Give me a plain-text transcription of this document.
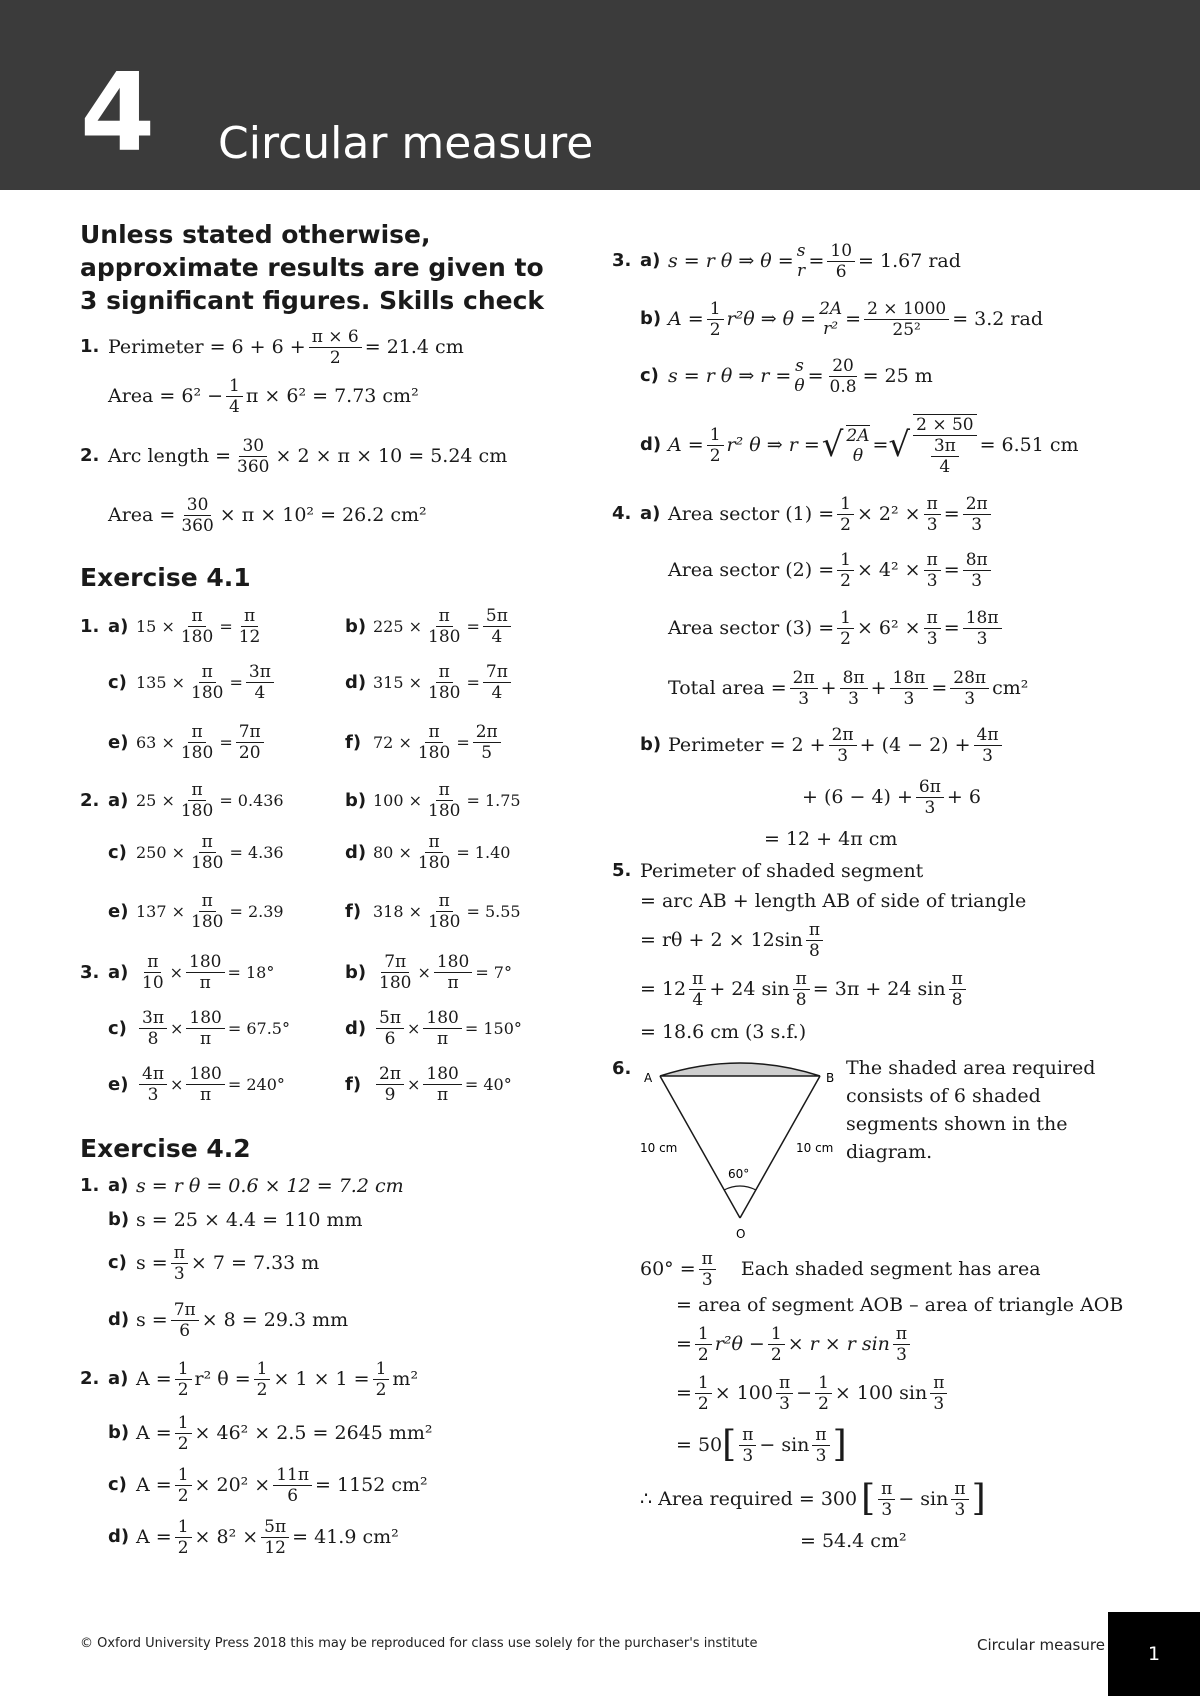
4 Circular measure
Unless stated otherwise,
approximate results are given to
3 significant figures. Skills check
1. Perimeter = $6 + 6 + \frac{\pi \times 6}{2} = 21.4$ cm
Area = $6^2 - \frac{1}{4}$ π × 6² = 7.73 cm²
2. Arc length = $\frac{30}{360} \times 2 \times \pi \times 10 = 5.24$ cm
Area = $\frac{30}{360} \times \pi \times 10^2 = 26.2$ cm²
Exercise 4.1
1. a) $15 \times \frac{\pi}{180} = \frac{\pi}{12}$	b) $225 \times \frac{\pi}{180} = \frac{5\pi}{4}$
c) $135 \times \frac{\pi}{180} = \frac{3\pi}{4}$	d) $315 \times \frac{\pi}{180} = \frac{7\pi}{4}$
e) $63 \times \frac{\pi}{180} = \frac{7\pi}{20}$	f) $72 \times \frac{\pi}{180} = \frac{2\pi}{5}$
2. a) $25 \times \frac{\pi}{180} = 0.436$	b) $100 \times \frac{\pi}{180} = 1.75$
c) $250 \times \frac{\pi}{180} = 4.36$	d) $80 \times \frac{\pi}{180} = 1.40$
e) $137 \times \frac{\pi}{180} = 2.39$	f) $318 \times \frac{\pi}{180} = 5.55$
3. $a) \frac{\pi}{10} \times \frac{180}{\pi} = 18^\circ$	$b) \frac{7\pi}{180} \times \frac{180}{\pi} = 7^\circ$
$c) \frac{3\pi}{8} \times \frac{180}{\pi} = 67.5^\circ$	$d) \frac{5\pi}{6} \times \frac{180}{\pi} = 150^\circ$
$e) \frac{4\pi}{3} \times \frac{180}{\pi} = 240^\circ$	$f) \frac{2\pi}{9} \times \frac{180}{\pi} = 40^\circ$
Exercise 4.2
1. a) s = r θ = 0.6 × 12 = 7.2 cm
b) s = 25 × 4.4 = 110 mm
c) $s = \frac{\pi}{3} \times 7 = 7.33$ m
d) $s = \frac{7\pi}{6} \times 8 = 29.3$ mm
2. a) $A = \frac{1}{2} r^2$ $\theta = \frac{1}{2} \times 1 \times 1 = \frac{1}{2} m^2$
b) $A = \frac{1}{2} \times 46^2 \times 2.5 = 2645$ mm²
c) $A = \frac{1}{2} \times 20^2 \times \frac{11\pi}{6} = 1152$ cm²
d) $A = \frac{1}{2} \times 8^2 \times \frac{5\pi}{12} = 41.9$ cm²
3. a) s = r θ ⇒ θ = s
$r = \frac{10}{6} = 1.67$ rad
b) $A = \frac{1}{2} r^2\theta$ ⇒ θ = 2A
$r^2 = \frac{2 \times 1000}{\text{25²}} = 3.2$ rad
c) s = r θ ⇒ r = s
$\theta = \frac{20}{0.8} = 25$ m
d) $A = \frac{1}{2} r^2$ θ ⇒ r = √ 2A
θ = √ $\frac{2 \times 50}{\frac{3\pi}{4}} = 6.51$ cm
4. a) Area sector $(1) = \frac{1}{2} \times 2^2 \times \frac{\pi}{3} = \frac{2\pi}{3}$
Area sector $(2) = \frac{1}{2} \times 4^2 \times \frac{\pi}{3} = \frac{8\pi}{3}$
Area sector $(3) = \frac{1}{2} \times 6^2 \times \frac{\pi}{3} = \frac{18\pi}{3}$
Total area = $\frac{2\pi}{3} + \frac{8\pi}{3} + \frac{18\pi}{3} = \frac{28\pi}{3} cm^2$
b) Perimeter = $2 + \frac{2\pi}{3} + (4 - 2) + \frac{4\pi}{3}$
+ $(6 - 4) + \frac{6\pi}{3} + 6$
= 12 + 4π cm
5. Perimeter of shaded segment
= arc AB + length AB of side of triangle
= $r\theta + 2 \times 12\sin \frac{\pi}{8}$
= $12 \frac{\pi}{4} + 24$ $\sin \frac{\pi}{8} = 3\pi + 24$ $\sin \frac{\pi}{8}$
= 18.6 cm (3 s.f.)
6.	A	B
O
10 cm	10 cm
60°
The shaded area required
consists of 6 shaded
segments shown in the
diagram.
$60^\circ = \frac{\pi}{3}$ Each shaded segment has area
= area of segment AOB – area of triangle AOB
= $\frac{1}{2} r^2\theta - \frac{1}{2} \times r \times r$ $\sin \frac{\pi}{3}$
= $\frac{1}{2} \times 100 \frac{\pi}{3} - \frac{1}{2} \times 100$ $\sin \frac{\pi}{3}$
= 50 [ $\frac{\pi}{3} - \sin \frac{\pi}{3}$ ]
∴ Area required = 300 [ $\frac{\pi}{3} - \sin \frac{\pi}{3}$ ]
= 54.4 cm²
© Oxford University Press 2018 this may be reproduced for class use solely for the purchaser's institute	Circular measure	1
